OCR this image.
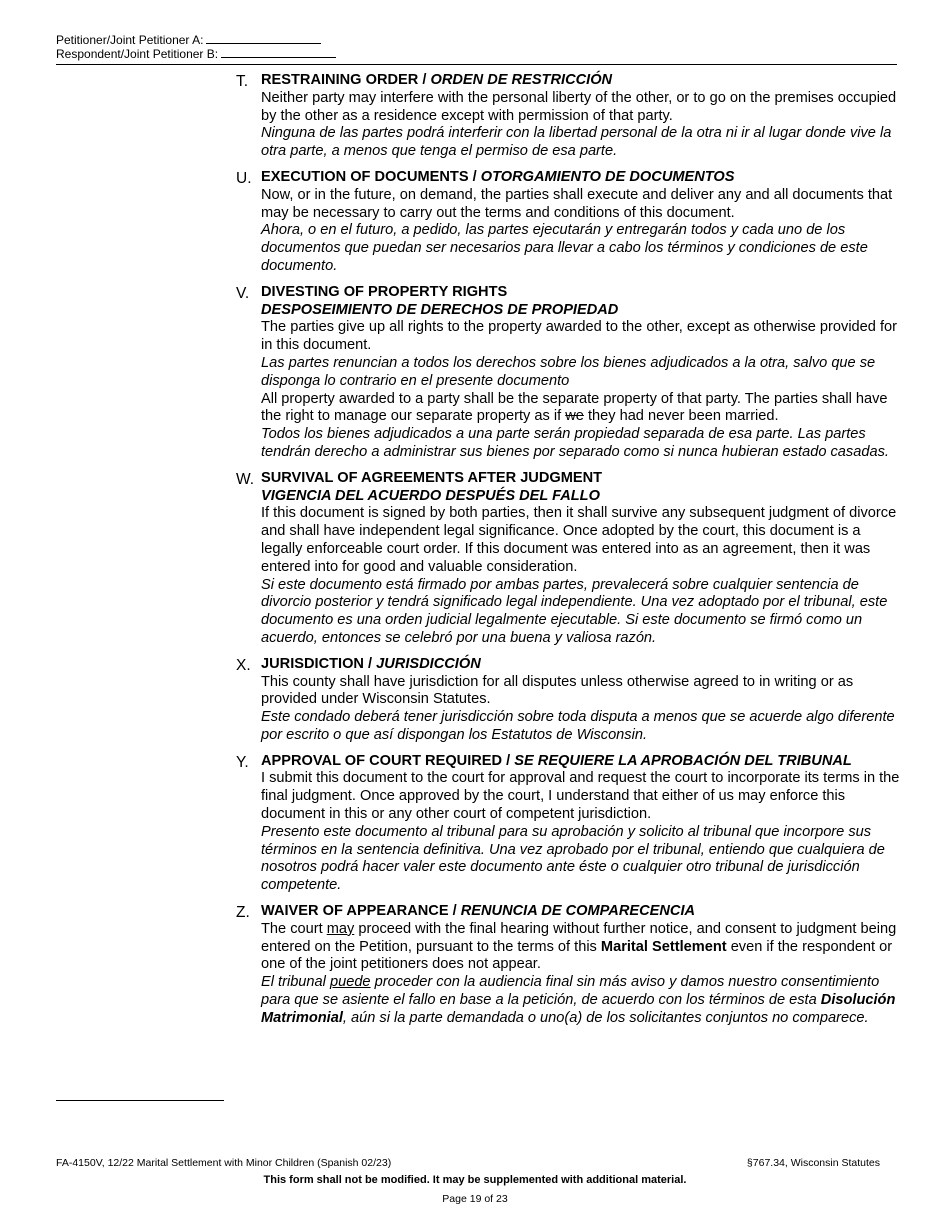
Petitioner/Joint Petitioner A:
Respondent/Joint Petitioner B:
T. RESTRAINING ORDER / ORDEN DE RESTRICCIÓN

Neither party may interfere with the personal liberty of the other, or to go on the premises occupied by the other as a residence except with permission of that party.

Ninguna de las partes podrá interferir con la libertad personal de la otra ni ir al lugar donde vive la otra parte, a menos que tenga el permiso de esa parte.

U. EXECUTION OF DOCUMENTS / OTORGAMIENTO DE DOCUMENTOS

Now, or in the future, on demand, the parties shall execute and deliver any and all documents that may be necessary to carry out the terms and conditions of this document.

Ahora, o en el futuro, a pedido, las partes ejecutarán y entregarán todos y cada uno de los documentos que puedan ser necesarios para llevar a cabo los términos y condiciones de este documento.

V. DIVESTING OF PROPERTY RIGHTS
DESPOSEIMIENTO DE DERECHOS DE PROPIEDAD

The parties give up all rights to the property awarded to the other, except as otherwise provided for in this document.

Las partes renuncian a todos los derechos sobre los bienes adjudicados a la otra, salvo que se disponga lo contrario en el presente documento

All property awarded to a party shall be the separate property of that party. The parties shall have the right to manage our separate property as if we they had never been married.

Todos los bienes adjudicados a una parte serán propiedad separada de esa parte. Las partes tendrán derecho a administrar sus bienes por separado como si nunca hubieran estado casadas.

W. SURVIVAL OF AGREEMENTS AFTER JUDGMENT
VIGENCIA DEL ACUERDO DESPUÉS DEL FALLO

If this document is signed by both parties, then it shall survive any subsequent judgment of divorce and shall have independent legal significance. Once adopted by the court, this document is a legally enforceable court order. If this document was entered into as an agreement, then it was entered into for good and valuable consideration.

Si este documento está firmado por ambas partes, prevalecerá sobre cualquier sentencia de divorcio posterior y tendrá significado legal independiente. Una vez adoptado por el tribunal, este documento es una orden judicial legalmente ejecutable. Si este documento se firmó como un acuerdo, entonces se celebró por una buena y valiosa razón.

X. JURISDICTION / JURISDICCIÓN

This county shall have jurisdiction for all disputes unless otherwise agreed to in writing or as provided under Wisconsin Statutes.

Este condado deberá tener jurisdicción sobre toda disputa a menos que se acuerde algo diferente por escrito o que así dispongan los Estatutos de Wisconsin.

Y. APPROVAL OF COURT REQUIRED / SE REQUIERE LA APROBACIÓN DEL TRIBUNAL

I submit this document to the court for approval and request the court to incorporate its terms in the final judgment. Once approved by the court, I understand that either of us may enforce this document in this or any other court of competent jurisdiction.

Presento este documento al tribunal para su aprobación y solicito al tribunal que incorpore sus términos en la sentencia definitiva. Una vez aprobado por el tribunal, entiendo que cualquiera de nosotros podrá hacer valer este documento ante éste o cualquier otro tribunal de jurisdicción competente.

Z. WAIVER OF APPEARANCE / RENUNCIA DE COMPARECENCIA

The court may proceed with the final hearing without further notice, and consent to judgment being entered on the Petition, pursuant to the terms of this Marital Settlement even if the respondent or one of the joint petitioners does not appear.

El tribunal puede proceder con la audiencia final sin más aviso y damos nuestro consentimiento para que se asiente el fallo en base a la petición, de acuerdo con los términos de esta Disolución Matrimonial, aún si la parte demandada o uno(a) de los solicitantes conjuntos no comparece.

FA-4150V, 12/22 Marital Settlement with Minor Children (Spanish 02/23)	§767.34, Wisconsin Statutes
This form shall not be modified. It may be supplemented with additional material.
Page 19 of 23
